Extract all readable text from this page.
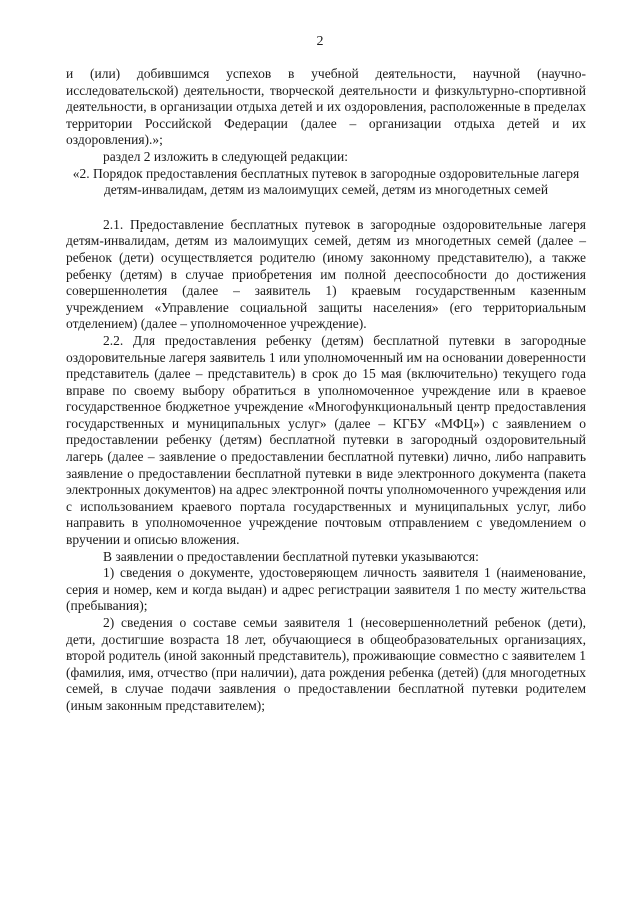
2

и (или) добившимся успехов в учебной деятельности, научной (научно-исследовательской) деятельности, творческой деятельности и физкультурно-спортивной деятельности, в организации отдыха детей и их оздоровления, расположенные в пределах территории Российской Федерации (далее – организации отдыха детей и их оздоровления).»;

раздел 2 изложить в следующей редакции:

«2. Порядок предоставления бесплатных путевок в загородные оздоровительные лагеря детям-инвалидам, детям из малоимущих семей, детям из многодетных семей

2.1. Предоставление бесплатных путевок в загородные оздоровительные лагеря детям-инвалидам, детям из малоимущих семей, детям из многодетных семей (далее – ребенок (дети) осуществляется родителю (иному законному представителю), а также ребенку (детям) в случае приобретения им полной дееспособности до достижения совершеннолетия (далее – заявитель 1) краевым государственным казенным учреждением «Управление социальной защиты населения» (его территориальным отделением) (далее – уполномоченное учреждение).

2.2. Для предоставления ребенку (детям) бесплатной путевки в загородные оздоровительные лагеря заявитель 1 или уполномоченный им на основании доверенности представитель (далее – представитель) в срок до 15 мая (включительно) текущего года вправе по своему выбору обратиться в уполномоченное учреждение или в краевое государственное бюджетное учреждение «Многофункциональный центр предоставления государственных и муниципальных услуг» (далее – КГБУ «МФЦ») с заявлением о предоставлении ребенку (детям) бесплатной путевки в загородный оздоровительный лагерь (далее – заявление о предоставлении бесплатной путевки) лично, либо направить заявление о предоставлении бесплатной путевки в виде электронного документа (пакета электронных документов) на адрес электронной почты уполномоченного учреждения или с использованием краевого портала государственных и муниципальных услуг, либо направить в уполномоченное учреждение почтовым отправлением с уведомлением о вручении и описью вложения.

В заявлении о предоставлении бесплатной путевки указываются:

1) сведения о документе, удостоверяющем личность заявителя 1 (наименование, серия и номер, кем и когда выдан) и адрес регистрации заявителя 1 по месту жительства (пребывания);

2) сведения о составе семьи заявителя 1 (несовершеннолетний ребенок (дети), дети, достигшие возраста 18 лет, обучающиеся в общеобразовательных организациях, второй родитель (иной законный представитель), проживающие совместно с заявителем 1 (фамилия, имя, отчество (при наличии), дата рождения ребенка (детей) (для многодетных семей, в случае подачи заявления о предоставлении бесплатной путевки родителем (иным законным представителем);
